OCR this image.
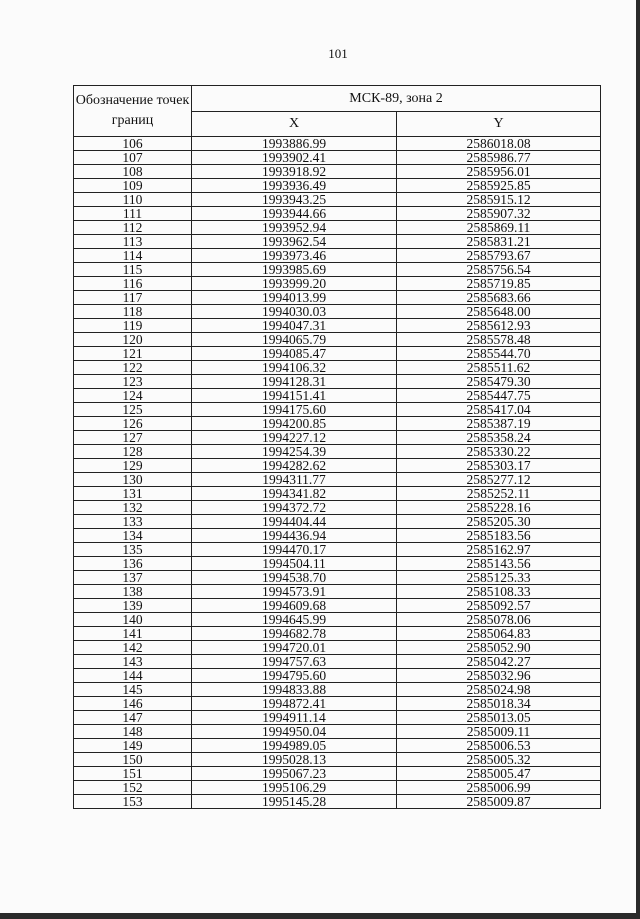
101
Обозначение точек границ	МСК-89, зона 2	
	X	Y
106	1993886.99	2586018.08
107	1993902.41	2585986.77
108	1993918.92	2585956.01
109	1993936.49	2585925.85
110	1993943.25	2585915.12
111	1993944.66	2585907.32
112	1993952.94	2585869.11
113	1993962.54	2585831.21
114	1993973.46	2585793.67
115	1993985.69	2585756.54
116	1993999.20	2585719.85
117	1994013.99	2585683.66
118	1994030.03	2585648.00
119	1994047.31	2585612.93
120	1994065.79	2585578.48
121	1994085.47	2585544.70
122	1994106.32	2585511.62
123	1994128.31	2585479.30
124	1994151.41	2585447.75
125	1994175.60	2585417.04
126	1994200.85	2585387.19
127	1994227.12	2585358.24
128	1994254.39	2585330.22
129	1994282.62	2585303.17
130	1994311.77	2585277.12
131	1994341.82	2585252.11
132	1994372.72	2585228.16
133	1994404.44	2585205.30
134	1994436.94	2585183.56
135	1994470.17	2585162.97
136	1994504.11	2585143.56
137	1994538.70	2585125.33
138	1994573.91	2585108.33
139	1994609.68	2585092.57
140	1994645.99	2585078.06
141	1994682.78	2585064.83
142	1994720.01	2585052.90
143	1994757.63	2585042.27
144	1994795.60	2585032.96
145	1994833.88	2585024.98
146	1994872.41	2585018.34
147	1994911.14	2585013.05
148	1994950.04	2585009.11
149	1994989.05	2585006.53
150	1995028.13	2585005.32
151	1995067.23	2585005.47
152	1995106.29	2585006.99
153	1995145.28	2585009.87
